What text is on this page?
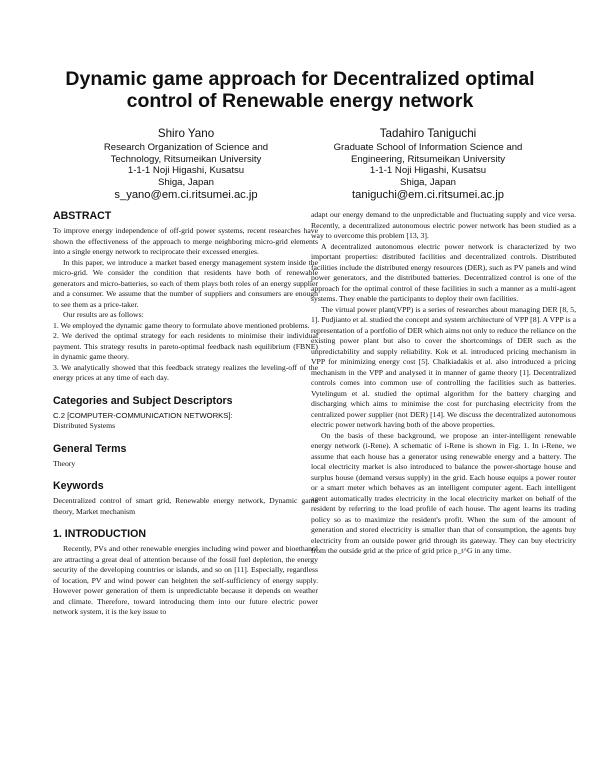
Dynamic game approach for Decentralized optimal control of Renewable energy network
Shiro Yano
Research Organization of Science and
Technology, Ritsumeikan University
1-1-1 Noji Higashi, Kusatsu
Shiga, Japan
s_yano@em.ci.ritsumei.ac.jp
Tadahiro Taniguchi
Graduate School of Information Science and
Engineering, Ritsumeikan University
1-1-1 Noji Higashi, Kusatsu
Shiga, Japan
taniguchi@em.ci.ritsumei.ac.jp
ABSTRACT

To improve energy independence of off-grid power systems, recent researches have shown the effectiveness of the approach to merge neighboring micro-grid elements into a single energy network to reciprocate their excessed energies.

In this paper, we introduce a market based energy management system inside the micro-grid. We consider the condition that residents have both of renewable generators and micro-batteries, so each of them plays both roles of an energy supplier and a consumer. We assume that the number of suppliers and consumers are enough to see them as a price-taker.

Our results are as follows:

1. We employed the dynamic game theory to formulate above mentioned problems.

2. We derived the optimal strategy for each residents to minimise their individual payment. This strategy results in pareto-optimal feedback nash equilibrium (FBNE) in dynamic game theory.

3. We analytically showed that this feedback strategy realizes the leveling-off of the energy prices at any time of each day.

Categories and Subject Descriptors

C.2 [COMPUTER-COMMUNICATION NETWORKS]:

Distributed Systems

General Terms

Theory

Keywords

Decentralized control of smart grid, Renewable energy network, Dynamic game theory, Market mechanism

1. INTRODUCTION

Recently, PVs and other renewable energies including wind power and bioethanol are attracting a great deal of attention because of the fossil fuel depletion, the energy security of the developing countries or islands, and so on [11]. Especially, regardless of location, PV and wind power can heighten the self-sufficiency of energy supply. However power generation of them is unpredictable because it depends on weather and climate. Therefore, toward introducing them into our future electric power network system, it is the key issue to

adapt our energy demand to the unpredictable and fluctuating supply and vice versa. Recently, a decentralized autonomous electric power network has been studied as a way to overcome this problem [13, 3].

A decentralized autonomous electric power network is characterized by two important properties: distributed facilities and decentralized controls. Distributed facilities include the distributed energy resources (DER), such as PV panels and wind power generators, and the distributed batteries. Decentralized control is one of the approach for the optimal control of these facilities in such a manner as a multi-agent systems. They enable the participants to deploy their own facilities.

The virtual power plant(VPP) is a series of researches about managing DER [8, 5, 1]. Pudjianto et al. studied the concept and system architecture of VPP [8]. A VPP is a representation of a portfolio of DER which aims not only to reduce the reliance on the existing power plant but also to cover the shortcomings of DER such as the unpredictability and supply reliability. Kok et al. introduced pricing mechanism in VPP for minimizing energy cost [5]. Chalkiadakis et al. also introduced a pricing mechanism in the VPP and analysed it in manner of game theory [1]. Decentralized controls comes into common use of controlling the facilities such as batteries. Vytelingum et al. studied the optimal algorithm for the battery charging and discharging which aims to minimise the cost for purchasing electricity from the centralized power supplier (not DER) [14]. We discuss the decentralized autonomous electric power network having both of the above properties.

On the basis of these background, we propose an inter-intelligent renewable energy network (i-Rene). A schematic of i-Rene is shown in Fig. 1. In i-Rene, we assume that each house has a generator using renewable energy and a battery. The local electricity market is also introduced to balance the power-shortage house and surplus house (demand versus supply) in the grid. Each house equips a power router or a smart meter which behaves as an intelligent computer agent. Each intelligent agent automatically trades electricity in the local electricity market on behalf of the resident by referring to the load profile of each house. The agent learns its trading policy so as to maximize the resident's profit. When the sum of the amount of generation and stored electricity is smaller than that of consumption, the agents buy electricity from an outside power grid through its gateway. They can buy electricity from the outside grid at the price of grid price p_t^G in any time.
